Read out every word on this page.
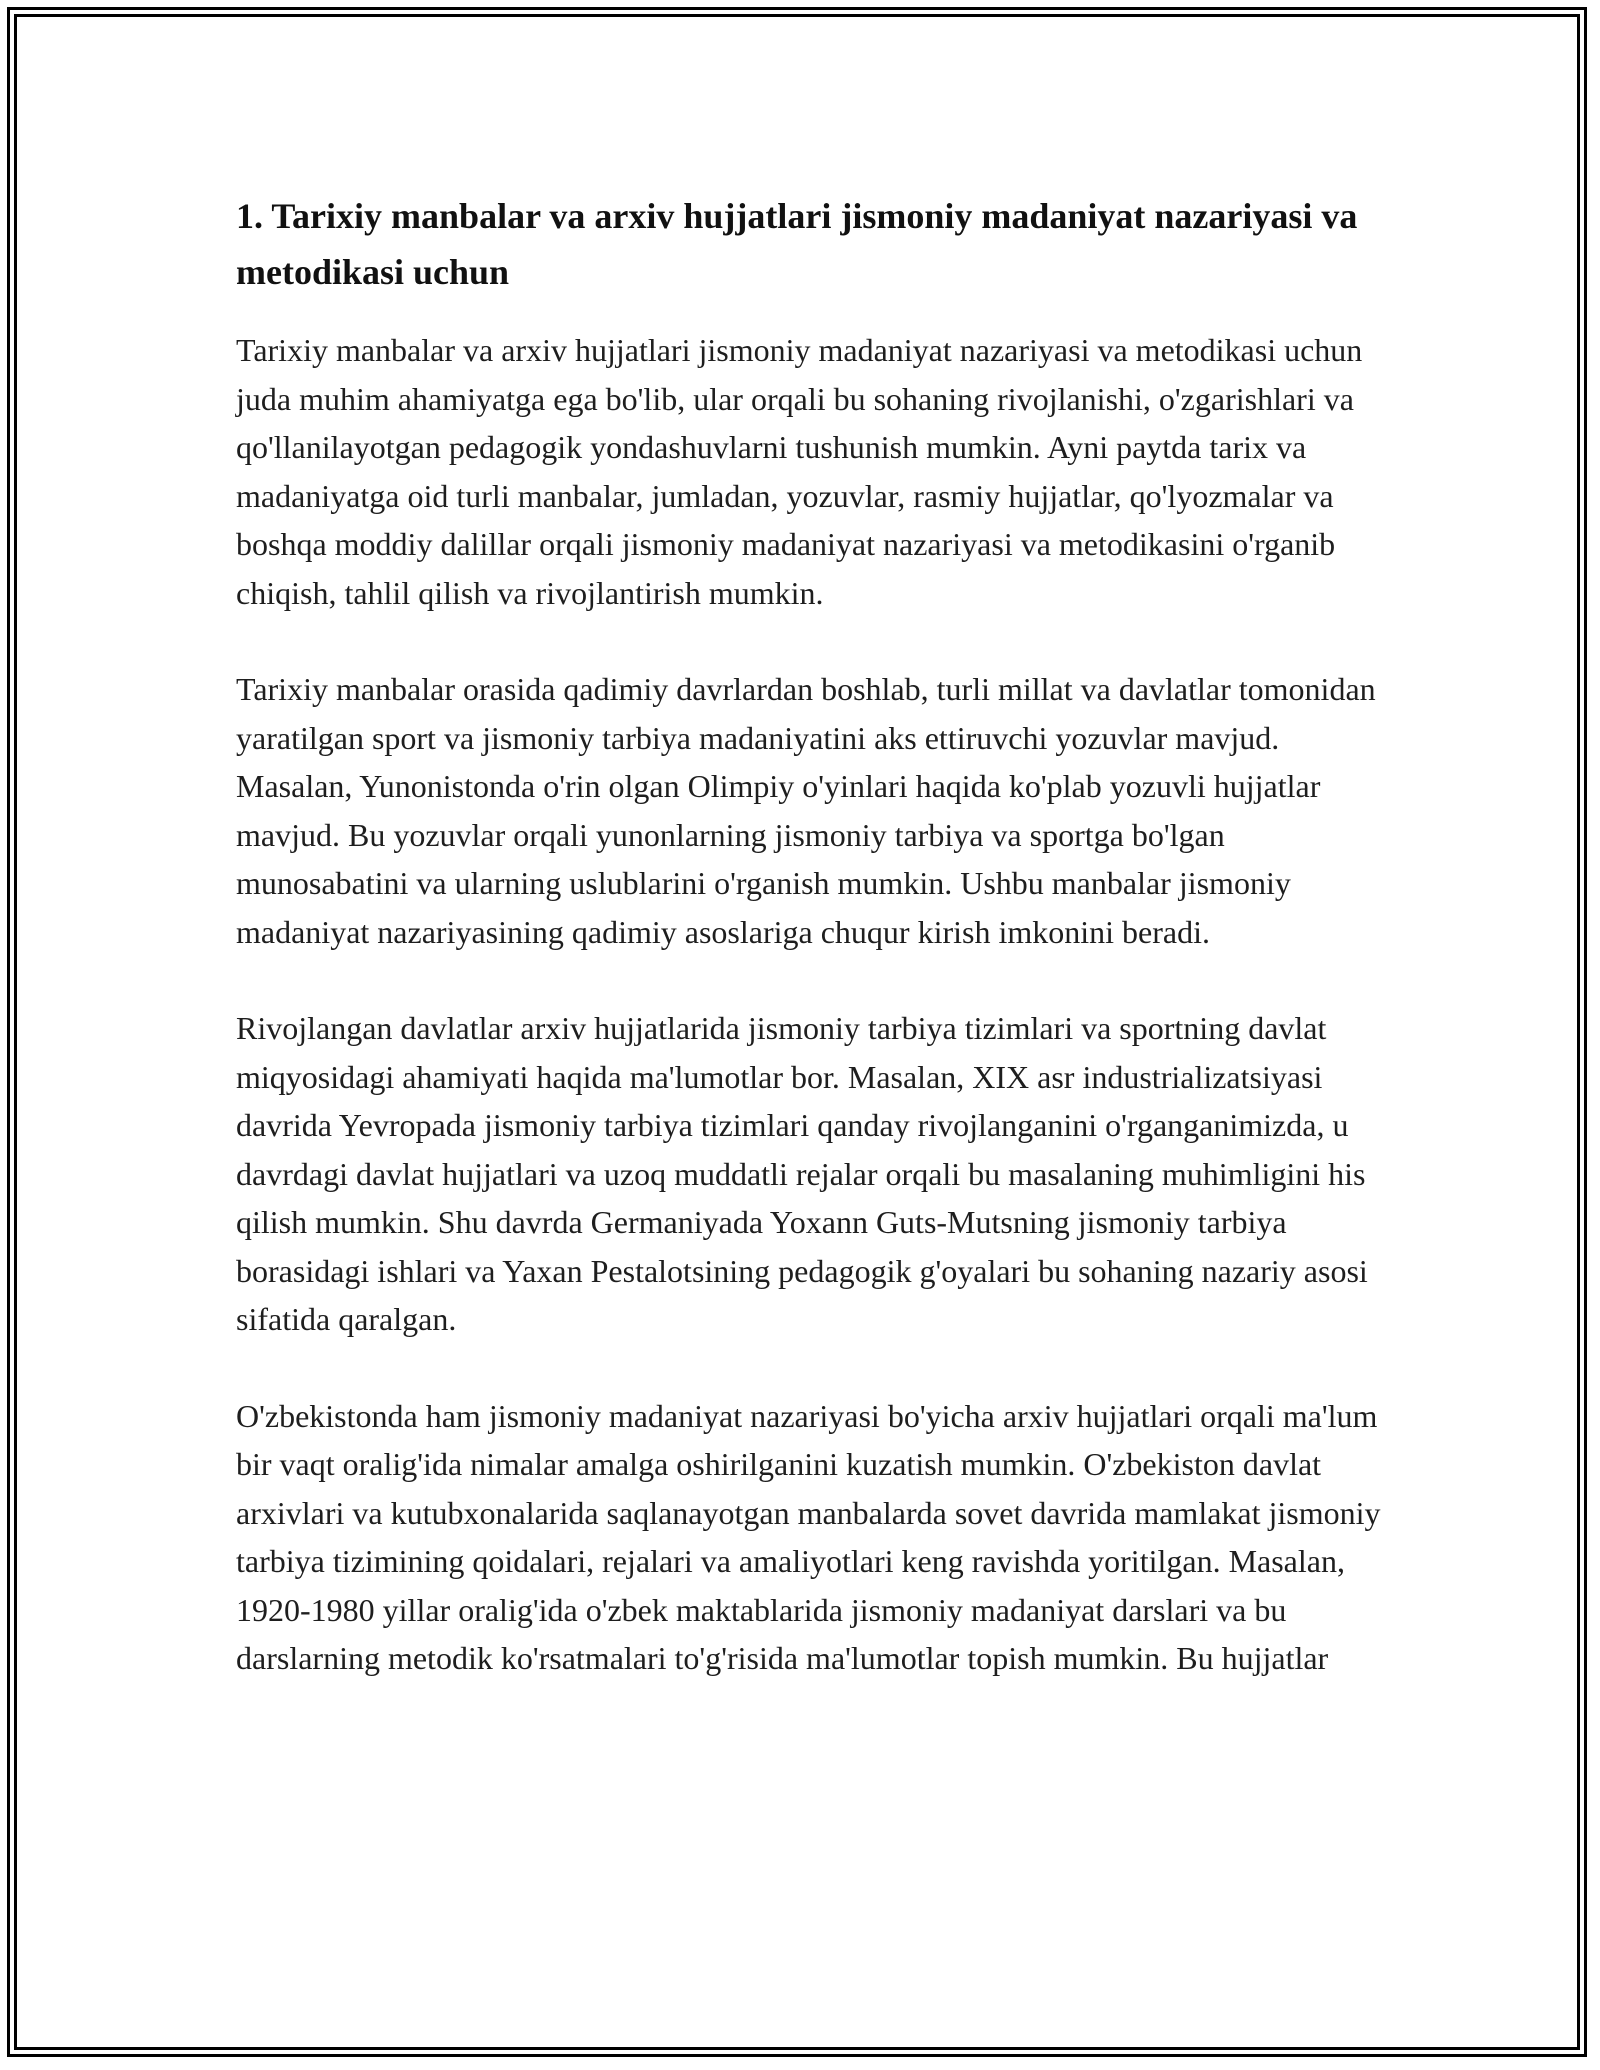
1. Tarixiy manbalar va arxiv hujjatlari jismoniy madaniyat nazariyasi va metodikasi uchun

Tarixiy manbalar va arxiv hujjatlari jismoniy madaniyat nazariyasi va metodikasi uchun juda muhim ahamiyatga ega bo'lib, ular orqali bu sohaning rivojlanishi, o'zgarishlari va qo'llanilayotgan pedagogik yondashuvlarni tushunish mumkin. Ayni paytda tarix va madaniyatga oid turli manbalar, jumladan, yozuvlar, rasmiy hujjatlar, qo'lyozmalar va boshqa moddiy dalillar orqali jismoniy madaniyat nazariyasi va metodikasini o'rganib chiqish, tahlil qilish va rivojlantirish mumkin.

Tarixiy manbalar orasida qadimiy davrlardan boshlab, turli millat va davlatlar tomonidan yaratilgan sport va jismoniy tarbiya madaniyatini aks ettiruvchi yozuvlar mavjud. Masalan, Yunonistonda o'rin olgan Olimpiy o'yinlari haqida ko'plab yozuvli hujjatlar mavjud. Bu yozuvlar orqali yunonlarning jismoniy tarbiya va sportga bo'lgan munosabatini va ularning uslublarini o'rganish mumkin. Ushbu manbalar jismoniy madaniyat nazariyasining qadimiy asoslariga chuqur kirish imkonini beradi.

Rivojlangan davlatlar arxiv hujjatlarida jismoniy tarbiya tizimlari va sportning davlat miqyosidagi ahamiyati haqida ma'lumotlar bor. Masalan, XIX asr industrializatsiyasi davrida Yevropada jismoniy tarbiya tizimlari qanday rivojlanganini o'rganganimizda, u davrdagi davlat hujjatlari va uzoq muddatli rejalar orqali bu masalaning muhimligini his qilish mumkin. Shu davrda Germaniyada Yoxann Guts-Mutsning jismoniy tarbiya borasidagi ishlari va Yaxan Pestalotsining pedagogik g'oyalari bu sohaning nazariy asosi sifatida qaralgan.

O'zbekistonda ham jismoniy madaniyat nazariyasi bo'yicha arxiv hujjatlari orqali ma'lum bir vaqt oralig'ida nimalar amalga oshirilganini kuzatish mumkin. O'zbekiston davlat arxivlari va kutubxonalarida saqlanayotgan manbalarda sovet davrida mamlakat jismoniy tarbiya tizimining qoidalari, rejalari va amaliyotlari keng ravishda yoritilgan. Masalan, 1920-1980 yillar oralig'ida o'zbek maktablarida jismoniy madaniyat darslari va bu darslarning metodik ko'rsatmalari to'g'risida ma'lumotlar topish mumkin. Bu hujjatlar
